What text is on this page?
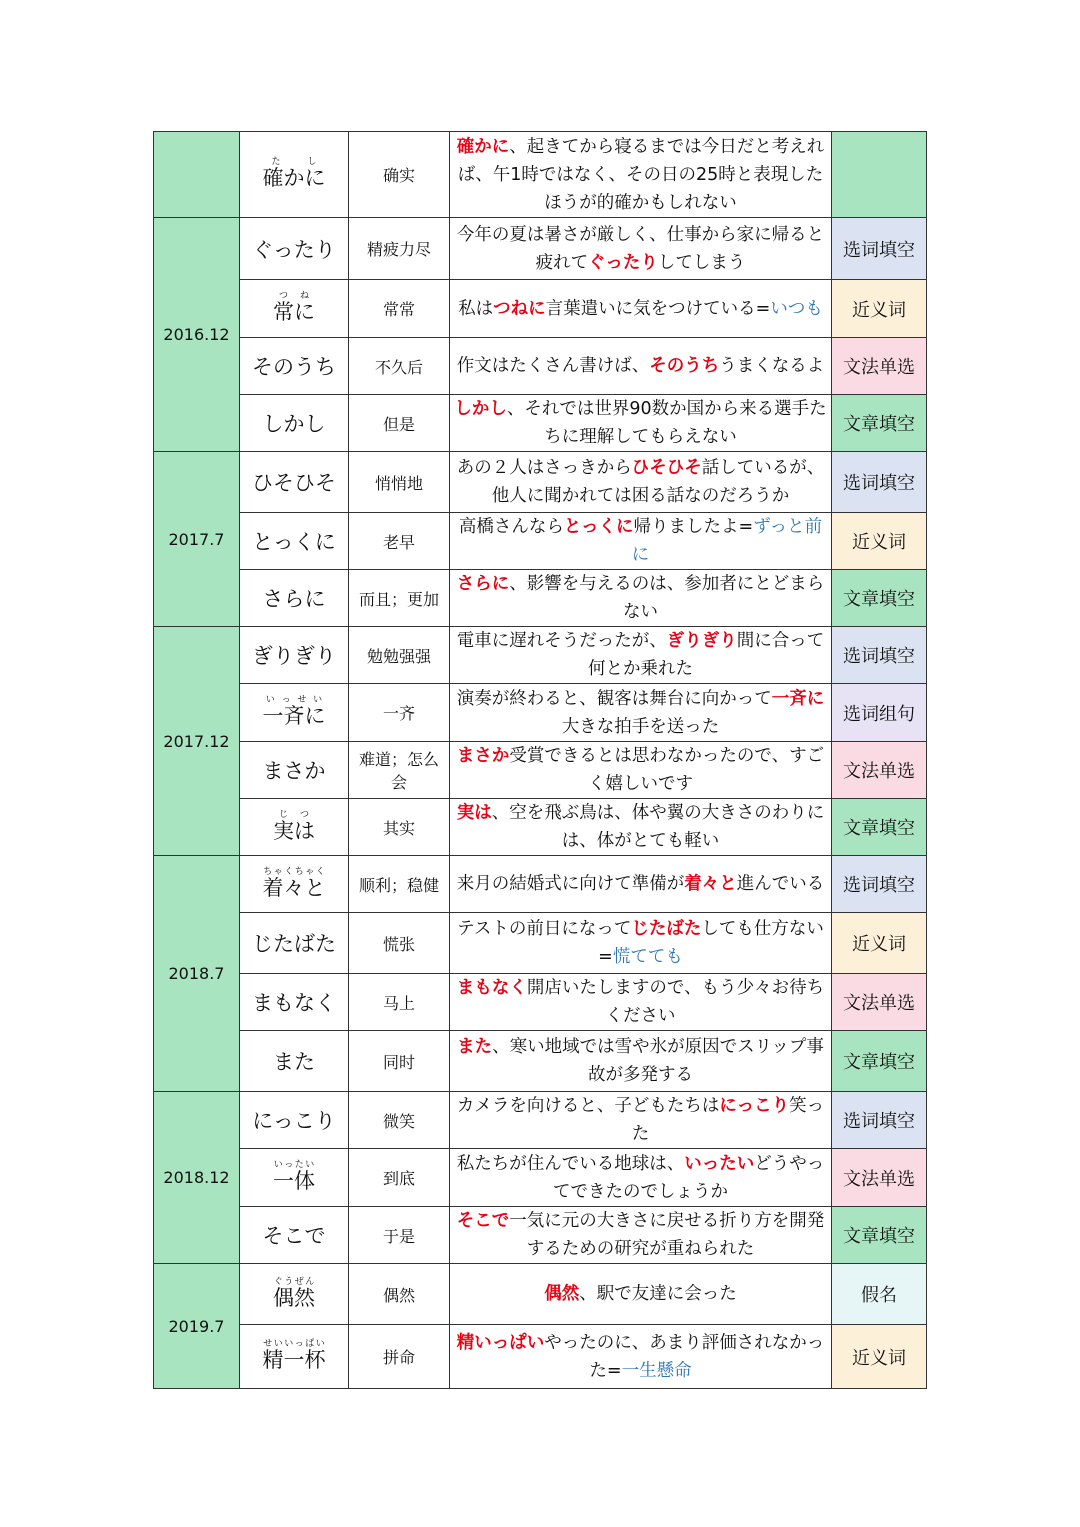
	確かにたし	确实	確かに、起きてから寝るまでは今日だと考えれば、午1時ではなく、その日の25時と表現したほうが的確かもしれない	
2016.12	ぐったり	精疲力尽	今年の夏は暑さが厳しく、仕事から家に帰ると疲れてぐったりしてしまう	选词填空
	常につね	常常	私はつねに言葉遣いに気をつけている=いつも	近义词
	そのうち	不久后	作文はたくさん書けば、そのうちうまくなるよ	文法单选
	しかし	但是	しかし、それでは世界90数か国から来る選手たちに理解してもらえない	文章填空
2017.7	ひそひそ	悄悄地	あの２人はさっきからひそひそ話しているが、他人に聞かれては困る話なのだろうか	选词填空
	とっくに	老早	高橋さんならとっくに帰りましたよ=ずっと前に	近义词
	さらに	而且；更加	さらに、影響を与えるのは、参加者にとどまらない	文章填空
2017.12	ぎりぎり	勉勉强强	電車に遅れそうだったが、ぎりぎり間に合って何とか乗れた	选词填空
	一斉にいっせい	一齐	演奏が終わると、観客は舞台に向かって一斉に大きな拍手を送った	选词组句
	まさか	难道；怎么会	まさか受賞できるとは思わなかったので、すごく嬉しいです	文法单选
	実はじつ	其实	実は、空を飛ぶ鳥は、体や翼の大きさのわりには、体がとても軽い	文章填空
2018.7	着々とちゃくちゃく	顺利；稳健	来月の結婚式に向けて準備が着々と進んでいる	选词填空
	じたばた	慌张	テストの前日になってじたばたしても仕方ない=慌てても	近义词
	まもなく	马上	まもなく開店いたしますので、もう少々お待ちください	文法单选
	また	同时	また、寒い地域では雪や氷が原因でスリップ事故が多発する	文章填空
2018.12	にっこり	微笑	カメラを向けると、子どもたちはにっこり笑った	选词填空
	一体いったい	到底	私たちが住んでいる地球は、いったいどうやってできたのでしょうか	文法单选
	そこで	于是	そこで一気に元の大きさに戻せる折り方を開発するための研究が重ねられた	文章填空
2019.7	偶然ぐうぜん	偶然	偶然、駅で友達に会った	假名
	精一杯せいいっぱい	拼命	精いっぱいやったのに、あまり評価されなかった=一生懸命	近义词
